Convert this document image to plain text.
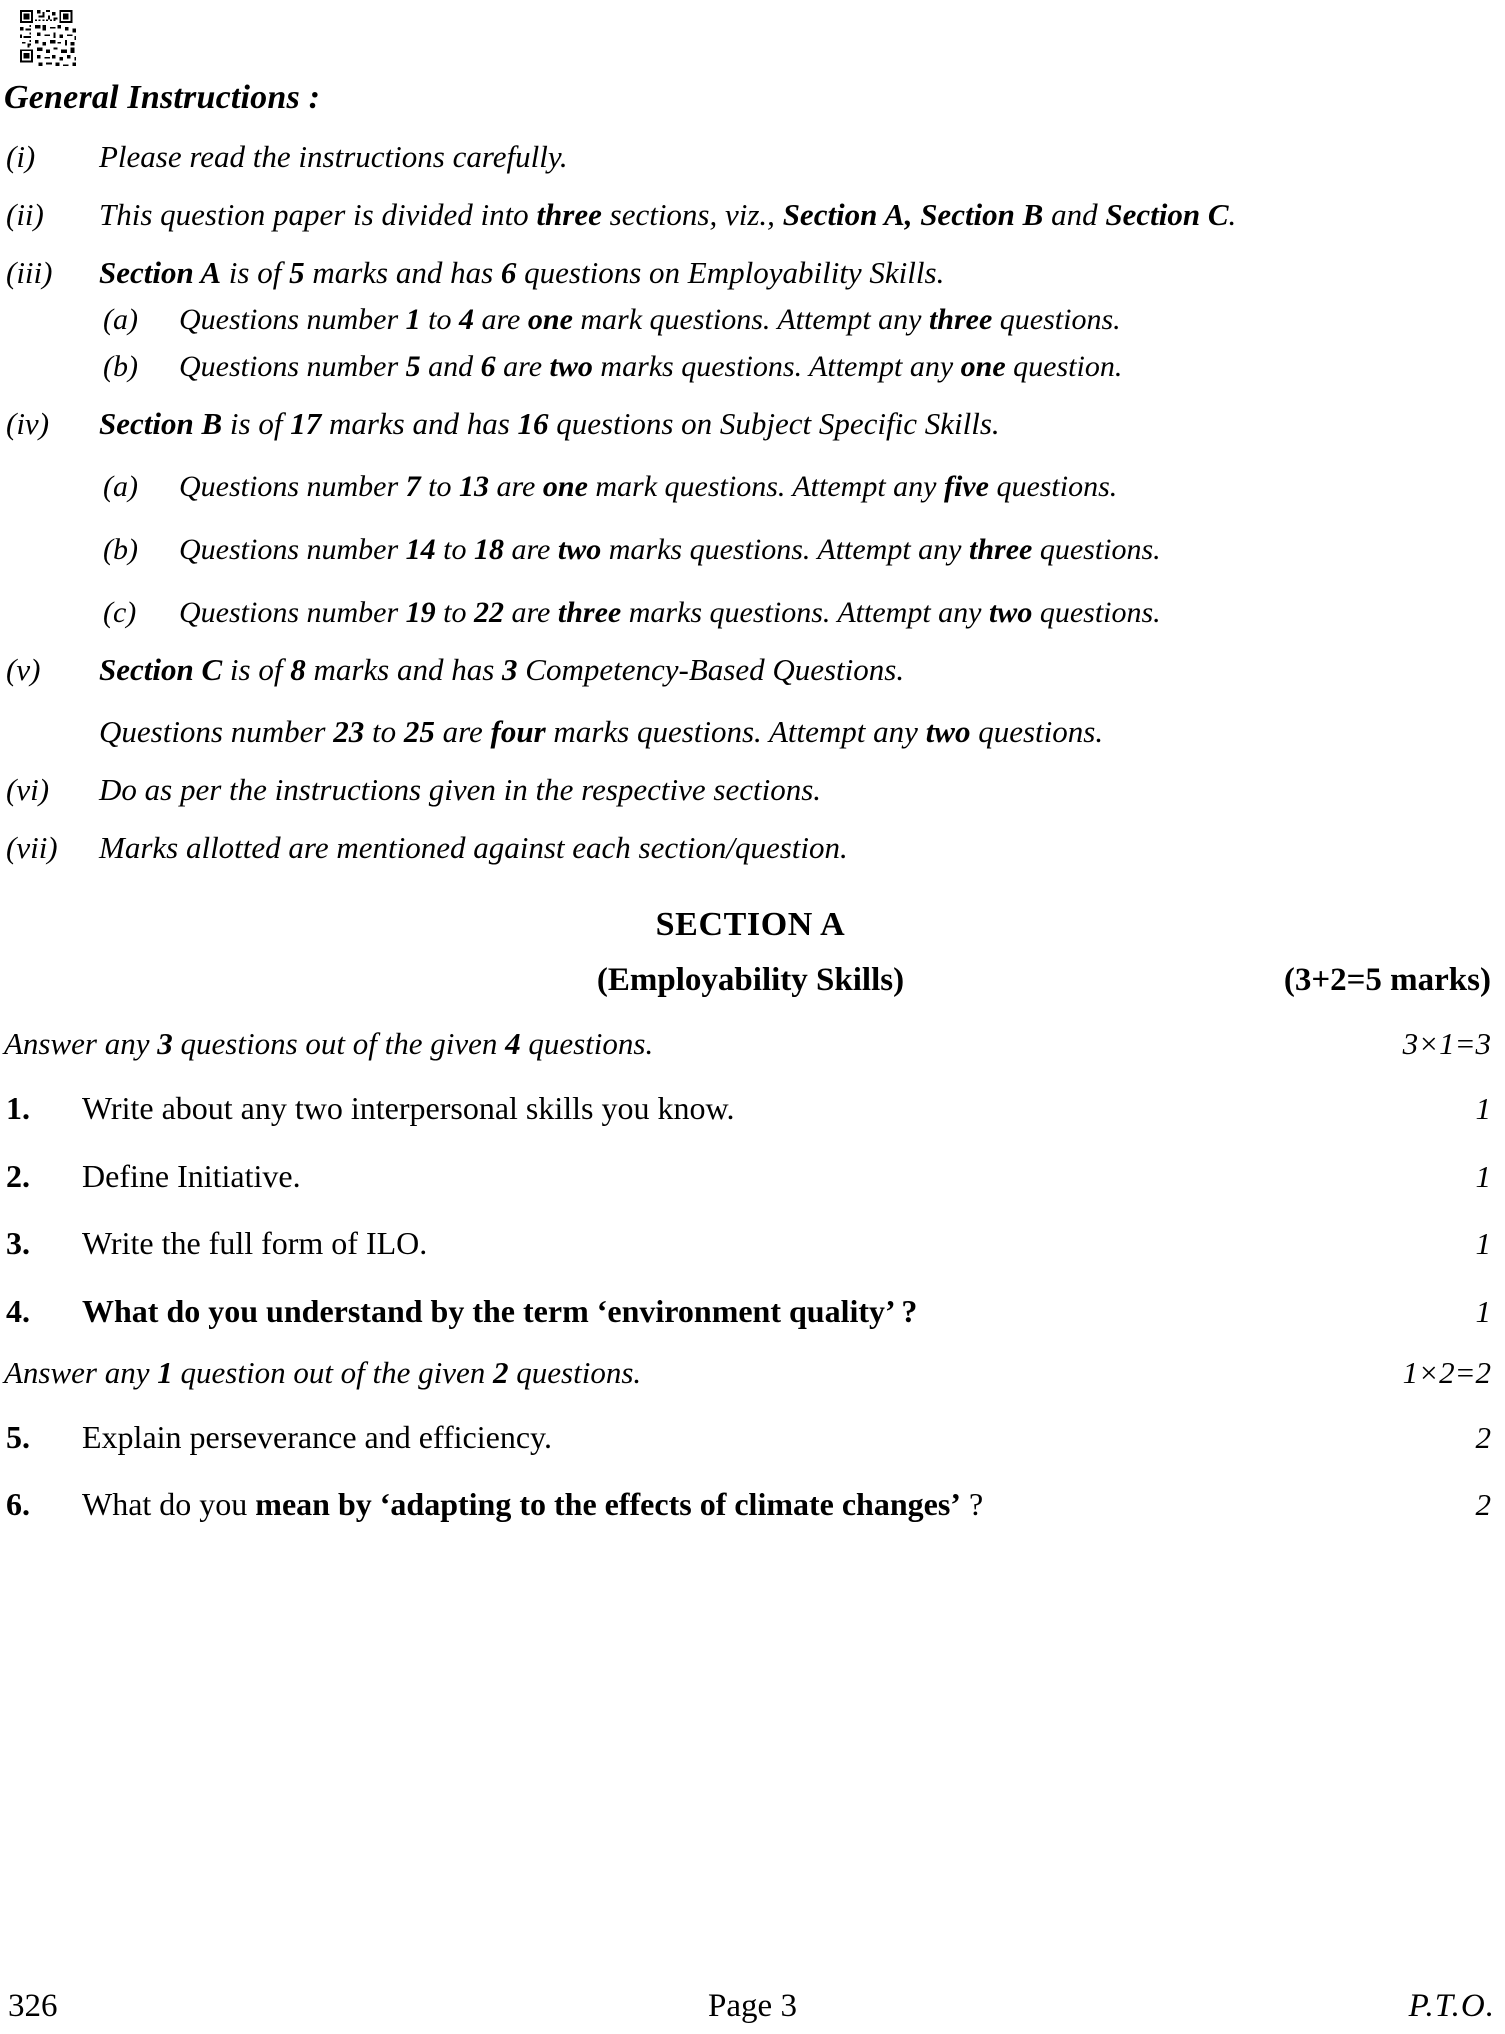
General Instructions :
(i)	Please read the instructions carefully.
(ii)	This question paper is divided into three sections, viz., Section A, Section B and Section C.
(iii)	Section A is of 5 marks and has 6 questions on Employability Skills.
(a)	Questions number 1 to 4 are one mark questions. Attempt any three questions.
(b)	Questions number 5 and 6 are two marks questions. Attempt any one question.
(iv)	Section B is of 17 marks and has 16 questions on Subject Specific Skills.
(a)	Questions number 7 to 13 are one mark questions. Attempt any five questions.
(b)	Questions number 14 to 18 are two marks questions. Attempt any three questions.
(c)	Questions number 19 to 22 are three marks questions. Attempt any two questions.
(v)	Section C is of 8 marks and has 3 Competency-Based Questions.
Questions number 23 to 25 are four marks questions. Attempt any two questions.
(vi)	Do as per the instructions given in the respective sections.
(vii)	Marks allotted are mentioned against each section/question.
SECTION A
(Employability Skills)	(3+2=5 marks)
Answer any 3 questions out of the given 4 questions.	3×1=3
1.	Write about any two interpersonal skills you know.	1
2.	Define Initiative.	1
3.	Write the full form of ILO.	1
4.	What do you understand by the term ‘environment quality’ ?	1
Answer any 1 question out of the given 2 questions.	1×2=2
5.	Explain perseverance and efficiency.	2
6.	What do you mean by ‘adapting to the effects of climate changes’ ?	2
326	Page 3	P.T.O.
